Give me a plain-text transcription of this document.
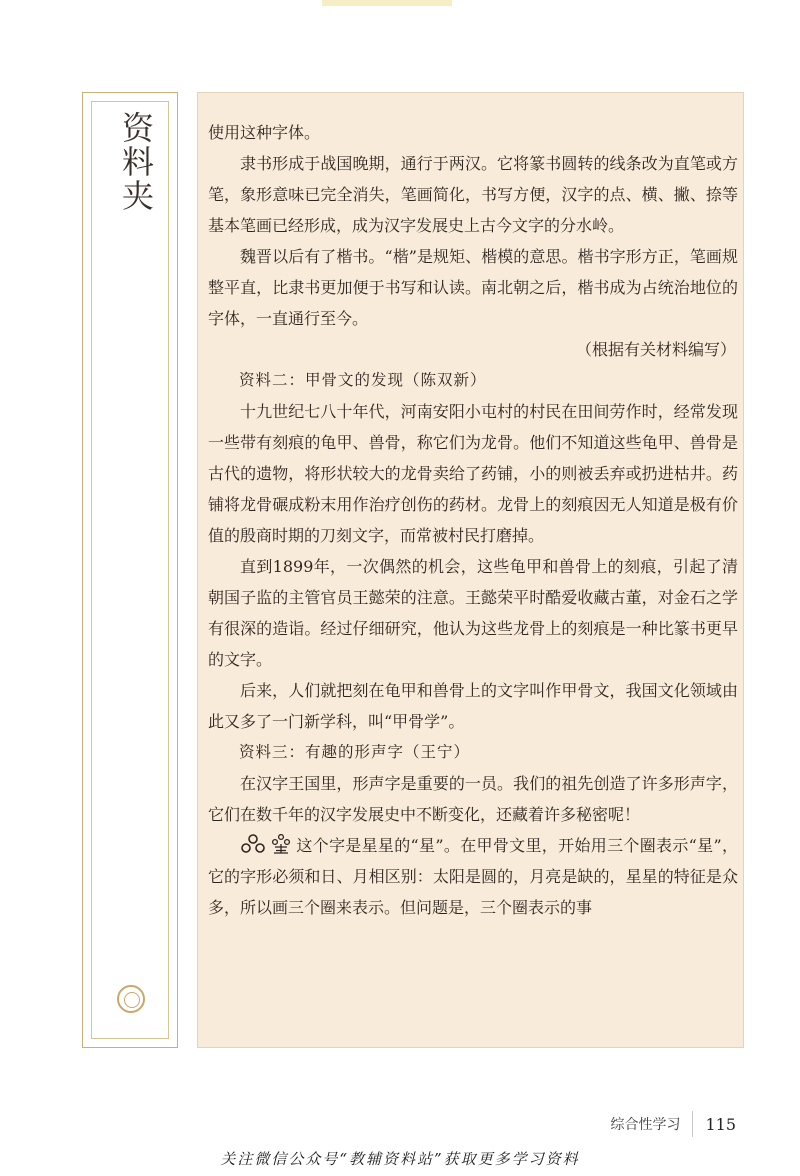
资料夹	使用这种字体。

隶书形成于战国晚期，通行于两汉。它将篆书圆转的线条改为直笔或方笔，象形意味已完全消失，笔画简化，书写方便，汉字的点、横、撇、捺等基本笔画已经形成，成为汉字发展史上古今文字的分水岭。

魏晋以后有了楷书。“楷”是规矩、楷模的意思。楷书字形方正，笔画规整平直，比隶书更加便于书写和认读。南北朝之后，楷书成为占统治地位的字体，一直通行至今。

（根据有关材料编写）

资料二：甲骨文的发现（陈双新）

十九世纪七八十年代，河南安阳小屯村的村民在田间劳作时，经常发现一些带有刻痕的龟甲、兽骨，称它们为龙骨。他们不知道这些龟甲、兽骨是古代的遗物，将形状较大的龙骨卖给了药铺，小的则被丢弃或扔进枯井。药铺将龙骨碾成粉末用作治疗创伤的药材。龙骨上的刻痕因无人知道是极有价值的殷商时期的刀刻文字，而常被村民打磨掉。

直到1899年，一次偶然的机会，这些龟甲和兽骨上的刻痕，引起了清朝国子监的主管官员王懿荣的注意。王懿荣平时酷爱收藏古董，对金石之学有很深的造诣。经过仔细研究，他认为这些龙骨上的刻痕是一种比篆书更早的文字。

后来，人们就把刻在龟甲和兽骨上的文字叫作甲骨文，我国文化领域由此又多了一门新学科，叫“甲骨学”。

资料三：有趣的形声字（王宁）

在汉字王国里，形声字是重要的一员。我们的祖先创造了许多形声字，它们在数千年的汉字发展史中不断变化，还藏着许多秘密呢！

这个字是星星的“星”。在甲骨文里，开始用三个圈表示“星”，它的字形必须和日、月相区别：太阳是圆的，月亮是缺的，星星的特征是众多，所以画三个圈来表示。但问题是，三个圈表示的事

综合性学习 115
关注微信公众号“教辅资料站”获取更多学习资料
